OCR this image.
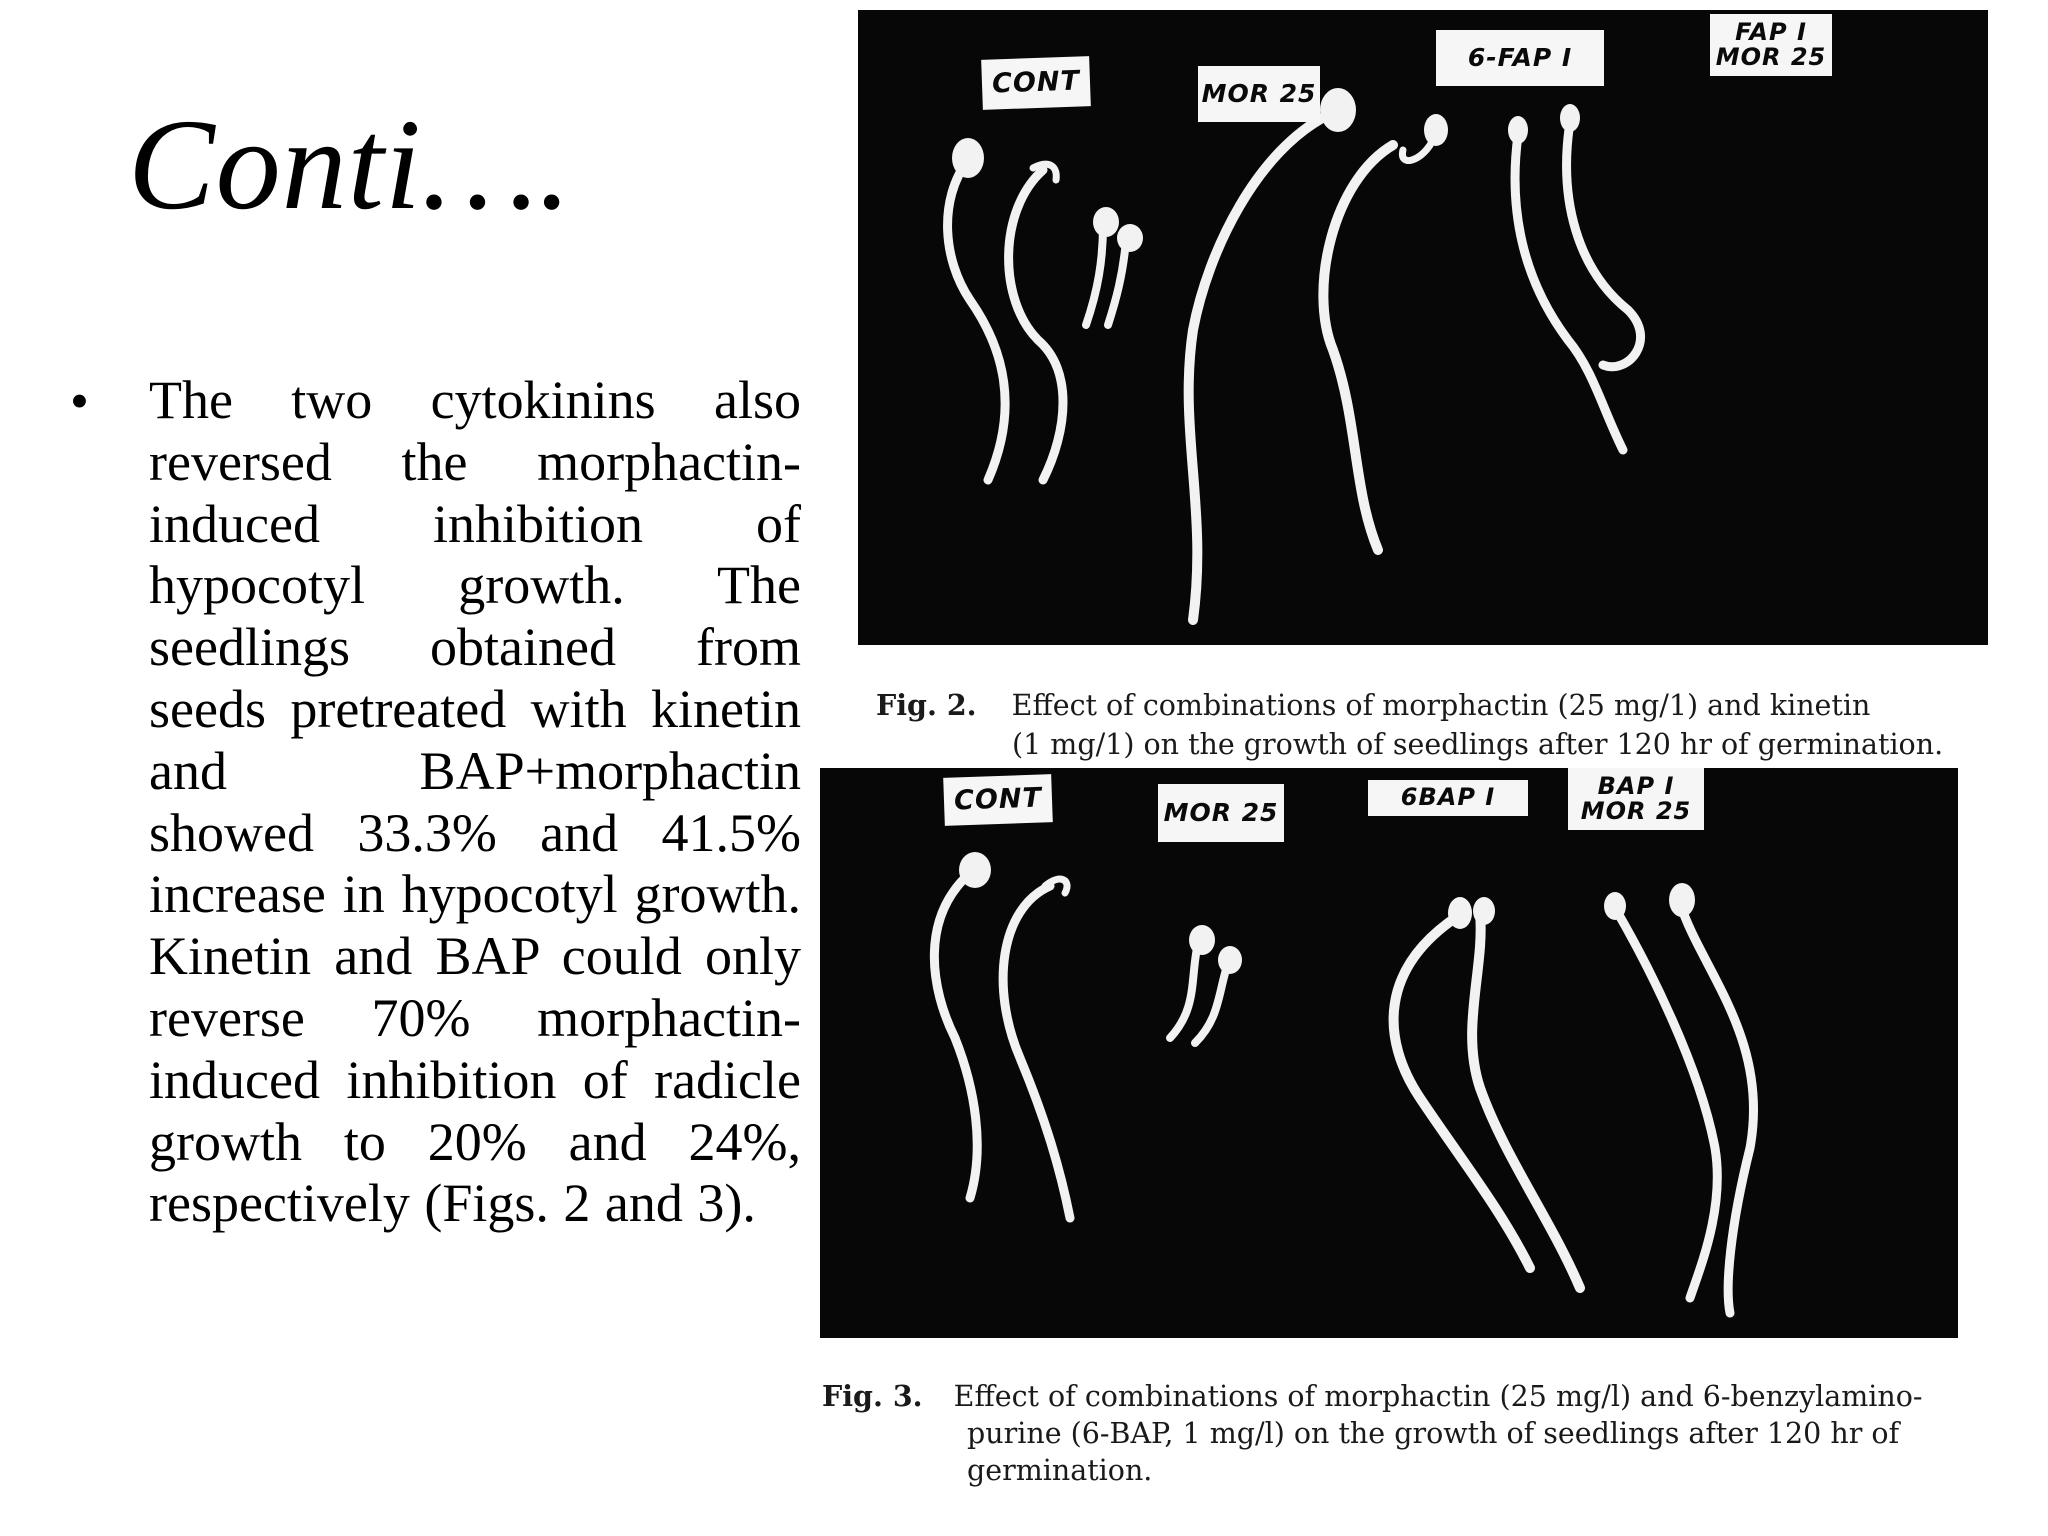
Conti….
• The two cytokinins also reversed the morphactin-induced inhibition of hypocotyl growth. The seedlings obtained from seeds pretreated with kinetin and BAP+morphactin showed 33.3% and 41.5% increase in hypocotyl growth. Kinetin and BAP could only reverse 70% morphactin-induced inhibition of radicle growth to 20% and 24%, respectively (Figs. 2 and 3).
CONT	MOR 25
6-FAP I
FAP I
MOR 25
Fig. 2. Effect of combinations of morphactin (25 mg/1) and kinetin
(1 mg/1) on the growth of seedlings after 120 hr of germination.
CONT	MOR 25
6BAP I	BAP I
MOR 25
Fig. 3. Effect of combinations of morphactin (25 mg/l) and 6-benzylamino-
purine (6-BAP, 1 mg/l) on the growth of seedlings after 120 hr of germination.
